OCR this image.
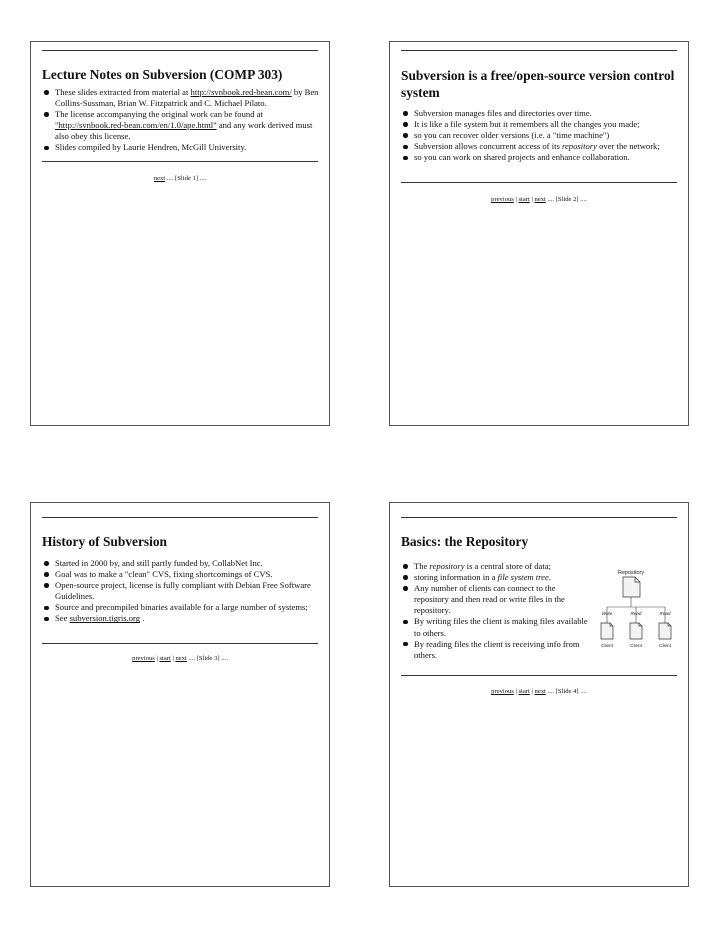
Lecture Notes on Subversion (COMP 303)
These slides extracted from material at http://svnbook.red-bean.com/ by Ben Collins-Sussman, Brian W. Fitzpatrick and C. Michael Pilato.
The license accompanying the original work can be found at "http://svnbook.red-bean.com/en/1.0/ape.html" and any work derived must also obey this license.
Slides compiled by Laurie Hendren, McGill University.
next .... [Slide 1] ....
Subversion is a free/open-source version control system
Subversion manages files and directories over time.
It is like a file system but it remembers all the changes you made;
so you can recover older versions (i.e. a "time machine")
Subversion allows concurrent access of its repository over the network;
so you can work on shared projects and enhance collaboration.
previous | start | next .... [Slide 2] ....
History of Subversion
Started in 2000 by, and still partly funded by, CollabNet Inc.
Goal was to make a "clean" CVS, fixing shortcomings of CVS.
Open-source project, license is fully compliant with Debian Free Software Guidelines.
Source and precompiled binaries available for a large number of systems;
See subversion.tigris.org .
previous | start | next .... [Slide 3] ....
Basics: the Repository
The repository is a central store of data;
storing information in a file system tree.
Any number of clients can connect to the repository and then read or write files in the repository.
By writing files the client is making files available to others.
By reading files the client is receiving info from others.
Repository
Write	Read	Read
Client	Client	Client
previous | start | next .... [Slide 4] ....
